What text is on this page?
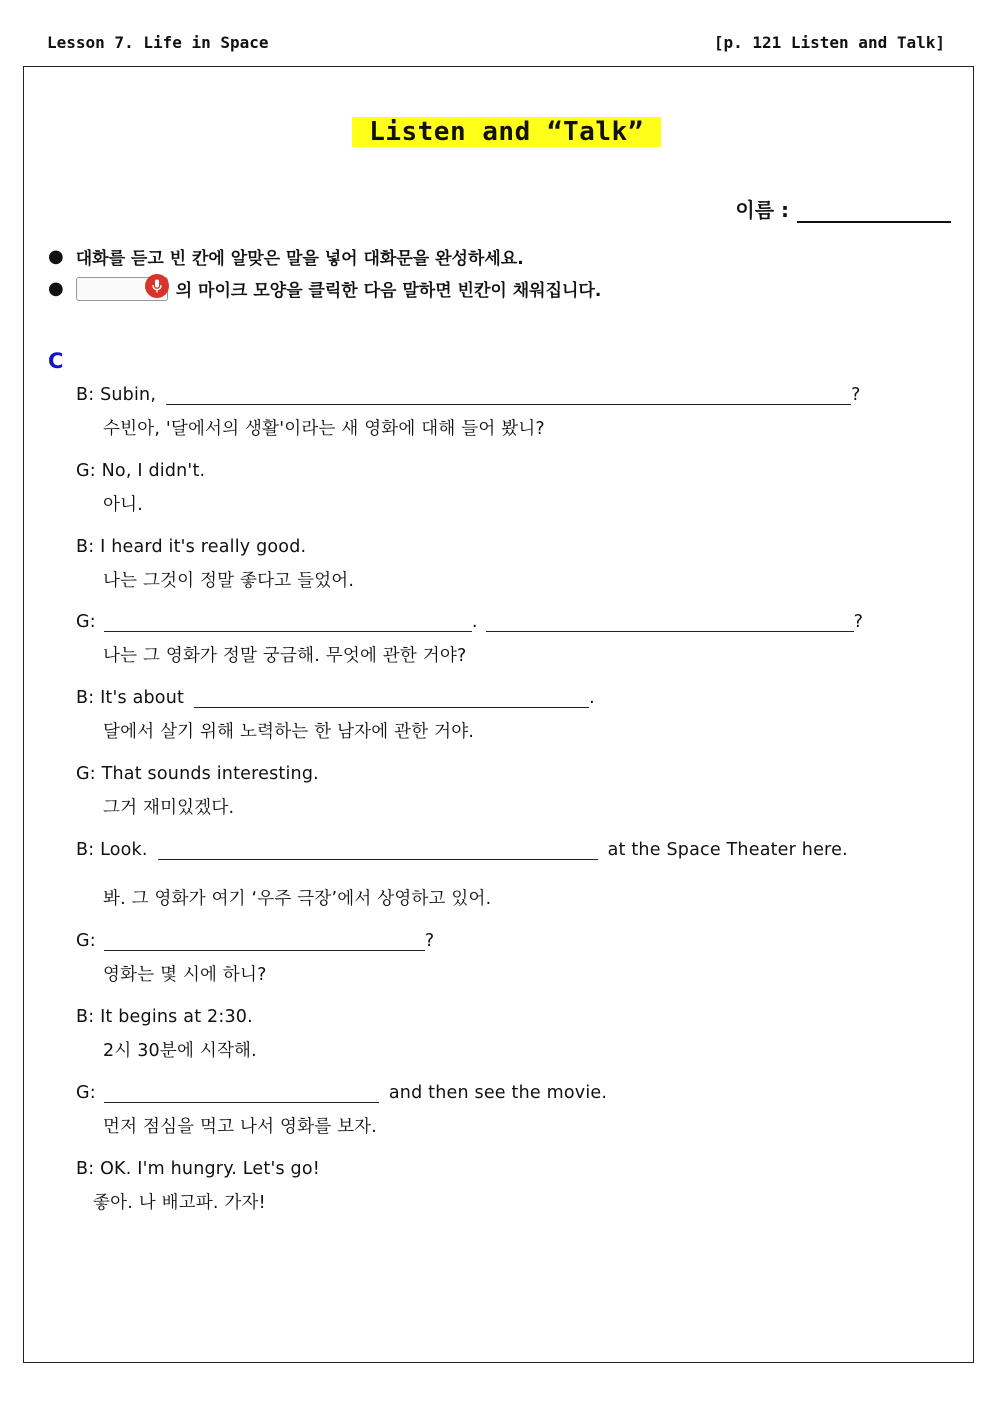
Lesson 7. Life in Space	[p. 121 Listen and Talk]
Listen and “Talk”
이름 :
● 대화를 듣고 빈 칸에 알맞은 말을 넣어 대화문을 완성하세요.
●	의 마이크 모양을 클릭한 다음 말하면 빈칸이 채워집니다.
C
B:
Subin,	?
수빈아, '달에서의 생활'이라는 새 영화에 대해 들어 봤니?
G: No, I didn't.
아니.
B: I heard it's really good.
나는 그것이 정말 좋다고 들었어.
G:	.	?
나는 그 영화가 정말 궁금해. 무엇에 관한 거야?
B: It's about	.
달에서 살기 위해 노력하는 한 남자에 관한 거야.
G: That sounds interesting.
그거 재미있겠다.
B: Look.	at the Space Theater here.
봐. 그 영화가 여기 ‘우주 극장’에서 상영하고 있어.
G:	?
영화는 몇 시에 하니?
B: It begins at 2:30.
2시 30분에 시작해.
G:	and then see the movie.
먼저 점심을 먹고 나서 영화를 보자.
B: OK. I'm hungry. Let's go!
좋아. 나 배고파. 가자!
